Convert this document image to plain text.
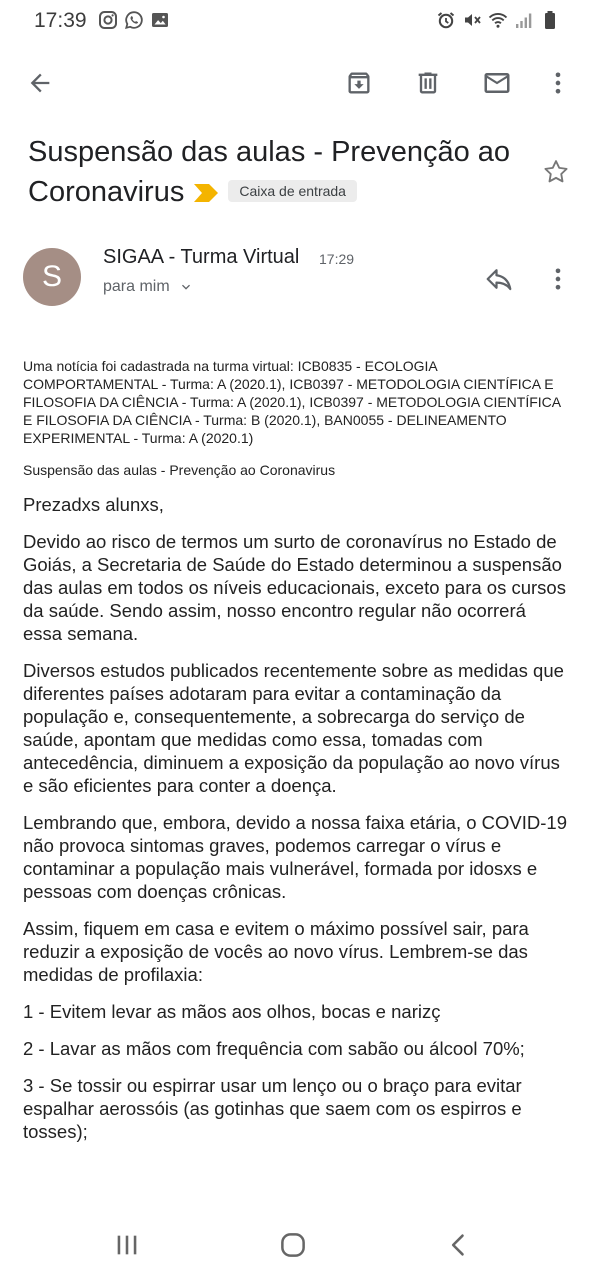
17:39
Suspensão das aulas - Prevenção ao Coronavirus	Caixa de entrada
S
SIGAA - Turma Virtual 17:29
para mim

Uma notícia foi cadastrada na turma virtual: ICB0835 - ECOLOGIA COMPORTAMENTAL - Turma: A (2020.1), ICB0397 - METODOLOGIA CIENTÍFICA E FILOSOFIA DA CIÊNCIA - Turma: A (2020.1), ICB0397 - METODOLOGIA CIENTÍFICA E FILOSOFIA DA CIÊNCIA - Turma: B (2020.1), BAN0055 - DELINEAMENTO EXPERIMENTAL - Turma: A (2020.1)

Suspensão das aulas - Prevenção ao Coronavirus

Prezadxs alunxs,

Devido ao risco de termos um surto de coronavírus no Estado de Goiás, a Secretaria de Saúde do Estado determinou a suspensão das aulas em todos os níveis educacionais, exceto para os cursos da saúde. Sendo assim, nosso encontro regular não ocorrerá essa semana.

Diversos estudos publicados recentemente sobre as medidas que diferentes países adotaram para evitar a contaminação da população e, consequentemente, a sobrecarga do serviço de saúde, apontam que medidas como essa, tomadas com antecedência, diminuem a exposição da população ao novo vírus e são eficientes para conter a doença.

Lembrando que, embora, devido a nossa faixa etária, o COVID-19 não provoca sintomas graves, podemos carregar o vírus e contaminar a população mais vulnerável, formada por idosxs e pessoas com doenças crônicas.

Assim, fiquem em casa e evitem o máximo possível sair, para reduzir a exposição de vocês ao novo vírus. Lembrem-se das medidas de profilaxia:

1 - Evitem levar as mãos aos olhos, bocas e narizç

2 - Lavar as mãos com frequência com sabão ou álcool 70%;

3 - Se tossir ou espirrar usar um lenço ou o braço para evitar espalhar aerossóis (as gotinhas que saem com os espirros e tosses);
